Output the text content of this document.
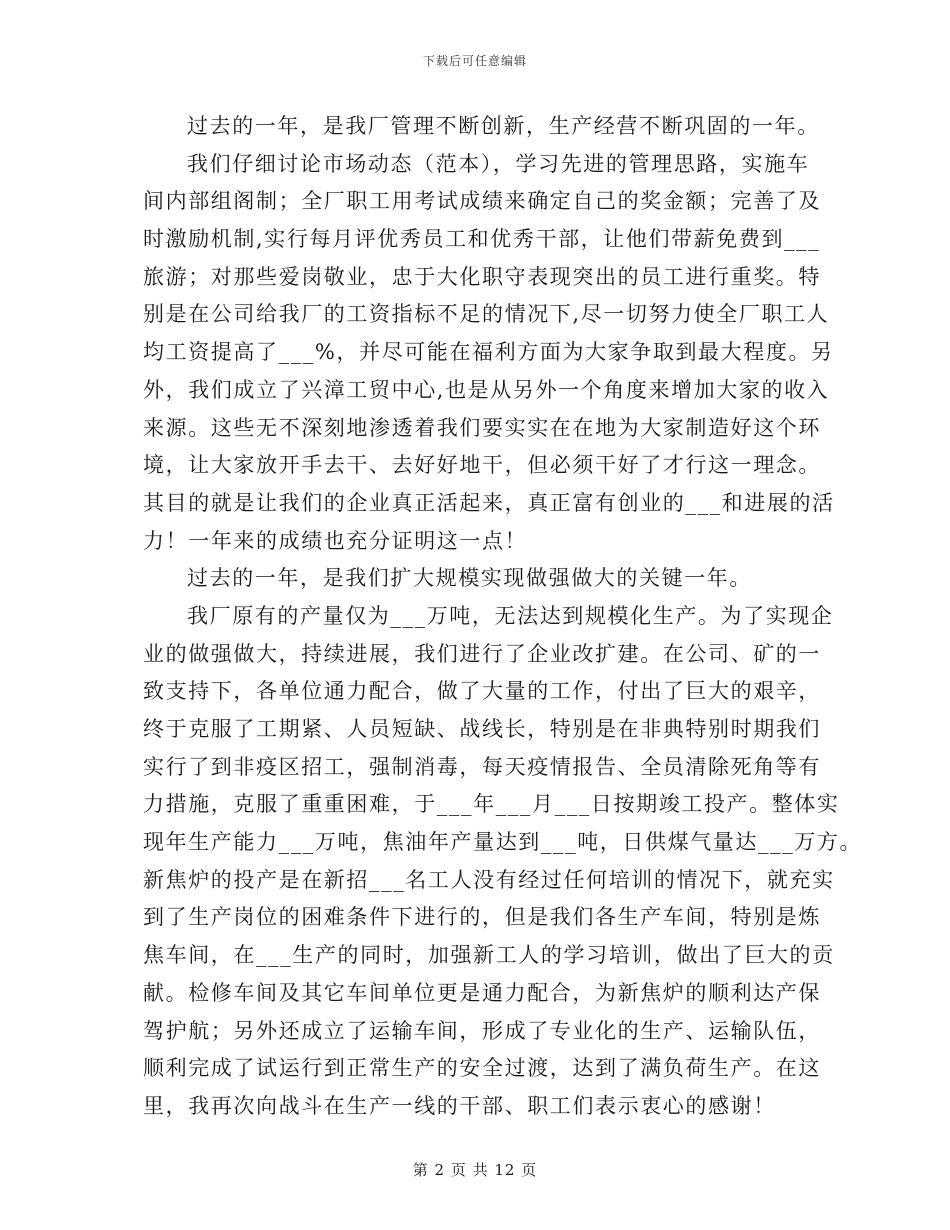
下载后可任意编辑
过去的一年，是我厂管理不断创新，生产经营不断巩固的一年。
我们仔细讨论市场动态（范本），学习先进的管理思路，实施车
间内部组阁制；全厂职工用考试成绩来确定自己的奖金额；完善了及
时激励机制,实行每月评优秀员工和优秀干部，让他们带薪免费到___
旅游；对那些爱岗敬业，忠于大化职守表现突出的员工进行重奖。特
别是在公司给我厂的工资指标不足的情况下,尽一切努力使全厂职工人
均工资提高了___%，并尽可能在福利方面为大家争取到最大程度。另
外，我们成立了兴漳工贸中心,也是从另外一个角度来增加大家的收入
来源。这些无不深刻地渗透着我们要实实在在地为大家制造好这个环
境，让大家放开手去干、去好好地干，但必须干好了才行这一理念。
其目的就是让我们的企业真正活起来，真正富有创业的___和进展的活
力！一年来的成绩也充分证明这一点！
过去的一年，是我们扩大规模实现做强做大的关键一年。
我厂原有的产量仅为___万吨，无法达到规模化生产。为了实现企
业的做强做大，持续进展，我们进行了企业改扩建。在公司、矿的一
致支持下，各单位通力配合，做了大量的工作，付出了巨大的艰辛，
终于克服了工期紧、人员短缺、战线长，特别是在非典特别时期我们
实行了到非疫区招工，强制消毒，每天疫情报告、全员清除死角等有
力措施，克服了重重困难，于___年___月___日按期竣工投产。整体实
现年生产能力___万吨，焦油年产量达到___吨，日供煤气量达___万方。
新焦炉的投产是在新招___名工人没有经过任何培训的情况下，就充实
到了生产岗位的困难条件下进行的，但是我们各生产车间，特别是炼
焦车间，在___生产的同时，加强新工人的学习培训，做出了巨大的贡
献。检修车间及其它车间单位更是通力配合，为新焦炉的顺利达产保
驾护航；另外还成立了运输车间，形成了专业化的生产、运输队伍，
顺利完成了试运行到正常生产的安全过渡，达到了满负荷生产。在这
里，我再次向战斗在生产一线的干部、职工们表示衷心的感谢！
第 2 页 共 12 页
